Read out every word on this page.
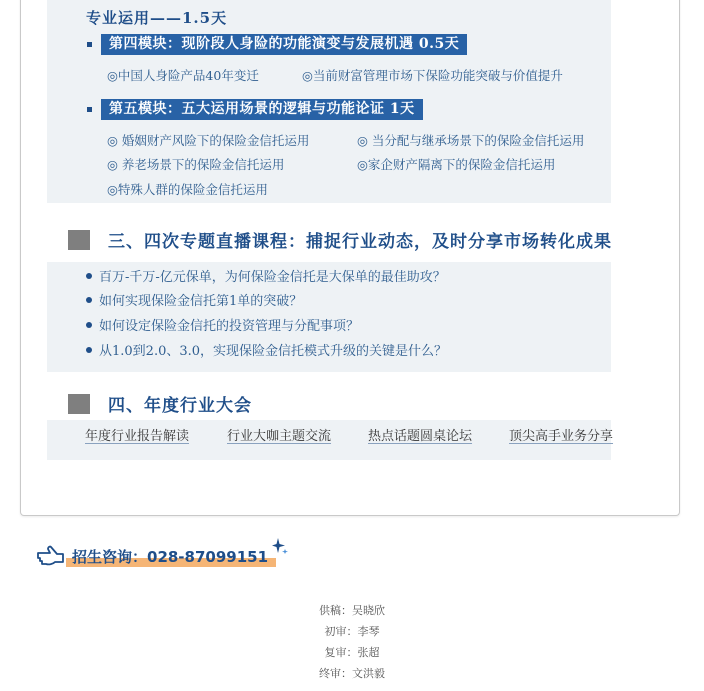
专业运用——1.5天
第四模块：现阶段人身险的功能演变与发展机遇 0.5天
◎中国人身险产品40年变迁	◎当前财富管理市场下保险功能突破与价值提升
第五模块：五大运用场景的逻辑与功能论证 1天
◎ 婚姻财产风险下的保险金信托运用	◎ 当分配与继承场景下的保险金信托运用
◎ 养老场景下的保险金信托运用	◎家企财产隔离下的保险金信托运用
◎特殊人群的保险金信托运用
三、四次专题直播课程：捕捉行业动态，及时分享市场转化成果
百万-千万-亿元保单，为何保险金信托是大保单的最佳助攻？
如何实现保险金信托第1单的突破？
如何设定保险金信托的投资管理与分配事项？
从1.0到2.0、3.0，实现保险金信托模式升级的关键是什么？
四、年度行业大会
年度行业报告解读	行业大咖主题交流	热点话题圆桌论坛	顶尖高手业务分享
招生咨询：028-87099151
供稿：吴晓欣
初审：李琴
复审：张超
终审：文洪毅
